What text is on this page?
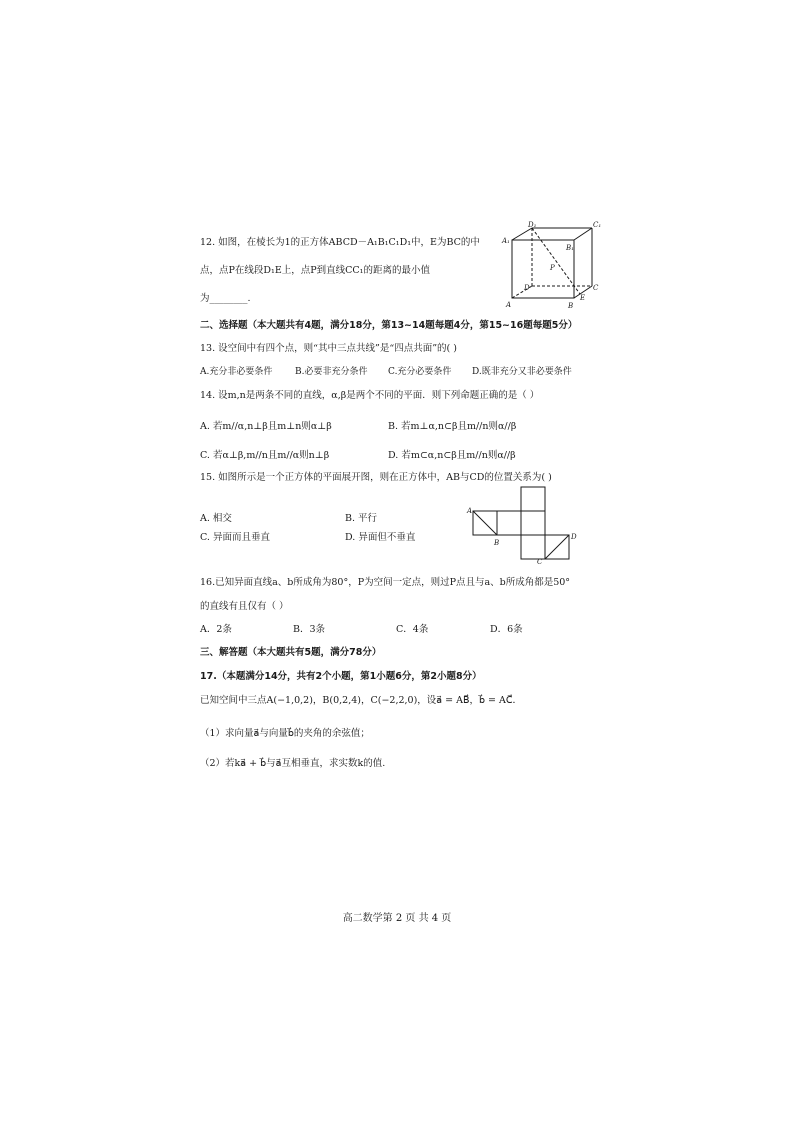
12. 如图，在棱长为1的正方体ABCD－A₁B₁C₁D₁中，E为BC的中
点，点P在线段D₁E上，点P到直线CC₁的距离的最小值
为________.
D₁	C₁
A₁
B₁
P
D	C
A
E
B
二、选择题（本大题共有4题，满分18分，第13~14题每题4分，第15~16题每题5分）
13. 设空间中有四个点，则“其中三点共线”是“四点共面”的( )
A.充分非必要条件	B.必要非充分条件 C.充分必要条件 D.既非充分又非必要条件
14. 设m,n是两条不同的直线，α,β是两个不同的平面．则下列命题正确的是（ ）
A. 若m//α,n⊥β且m⊥n则α⊥β	B. 若m⊥α,n⊂β且m//n则α//β
C. 若α⊥β,m//n且m//α则n⊥β	D. 若m⊂α,n⊂β且m//n则α//β
15. 如图所示是一个正方体的平面展开图，则在正方体中，AB与CD的位置关系为( )
A. 相交	B. 平行
C. 异面而且垂直	D. 异面但不垂直
A
B
C
D
16.已知异面直线a、b所成角为80°，P为空间一定点，则过P点且与a、b所成角都是50°
的直线有且仅有（ ）
A．2条	B．3条	C．4条	D．6条
三、解答题（本大题共有5题，满分78分）
17.（本题满分14分，共有2个小题，第1小题6分，第2小题8分）
已知空间中三点A(−1,0,2)，B(0,2,4)，C(−2,2,0)，设a⃗ = AB⃗，b⃗ = AC⃗．
（1）求向量a⃗与向量b⃗的夹角的余弦值；
（2）若ka⃗ + b⃗与a⃗互相垂直，求实数k的值.
高二数学第 2 页 共 4 页
